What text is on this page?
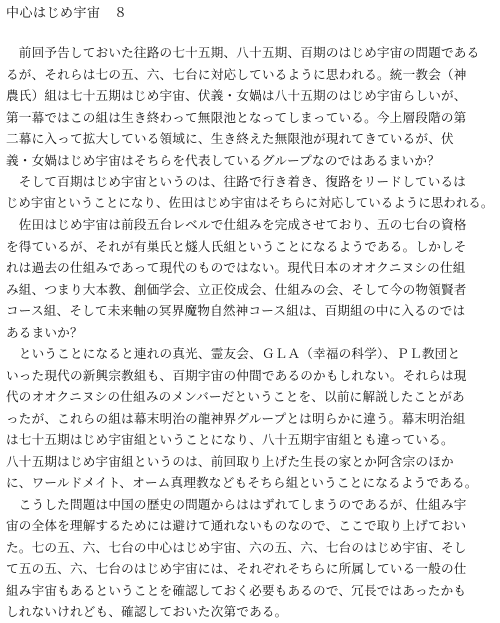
中心はじめ宇宙　８
　前回予告しておいた往路の七十五期、八十五期、百期のはじめ宇宙の問題である
るが、それらは七の五、六、七台に対応しているように思われる。統一教会（神
農氏）組は七十五期はじめ宇宙、伏義・女媧は八十五期のはじめ宇宙らしいが、
第一幕ではこの組は生き終わって無限池となってしまっている。今上層段階の第
二幕に入って拡大している領域に、生き終えた無限池が現れてきているが、伏
義・女媧はじめ宇宙はそちらを代表しているグループなのではあるまいか？
　そして百期はじめ宇宙というのは、往路で行き着き、復路をリードしているは
じめ宇宙ということになり、佐田はじめ宇宙はそちらに対応しているように思われる。
　佐田はじめ宇宙は前段五台レベルで仕組みを完成させており、五の七台の資格
を得ているが、それが有巣氏と燧人氏組ということになるようである。しかしそ
れは過去の仕組みであって現代のものではない。現代日本のオオクニヌシの仕組
み組、つまり大本教、創価学会、立正佼成会、仕組みの会、そして今の物領賢者
コース組、そして未来軸の冥界魔物自然神コース組は、百期組の中に入るのでは
あるまいか？
　ということになると連れの真光、霊友会、ＧＬＡ（幸福の科学）、ＰＬ教団と
いった現代の新興宗教組も、百期宇宙の仲間であるのかもしれない。それらは現
代のオオクニヌシの仕組みのメンバーだということを、以前に解説したことがあ
ったが、これらの組は幕末明治の龍神界グループとは明らかに違う。幕末明治組
は七十五期はじめ宇宙組ということになり、八十五期宇宙組とも違っている。
八十五期はじめ宇宙組というのは、前回取り上げた生長の家とか阿含宗のほか
に、ワールドメイト、オーム真理教などもそちら組ということになるようである。
　こうした問題は中国の歴史の問題からははずれてしまうのであるが、仕組み宇
宙の全体を理解するためには避けて通れないものなので、ここで取り上げておい
た。七の五、六、七台の中心はじめ宇宙、六の五、六、七台のはじめ宇宙、そし
て五の五、六、七台のはじめ宇宙には、それぞれそちらに所属している一般の仕
組み宇宙もあるということを確認しておく必要もあるので、冗長ではあったかも
しれないけれども、確認しておいた次第である。
